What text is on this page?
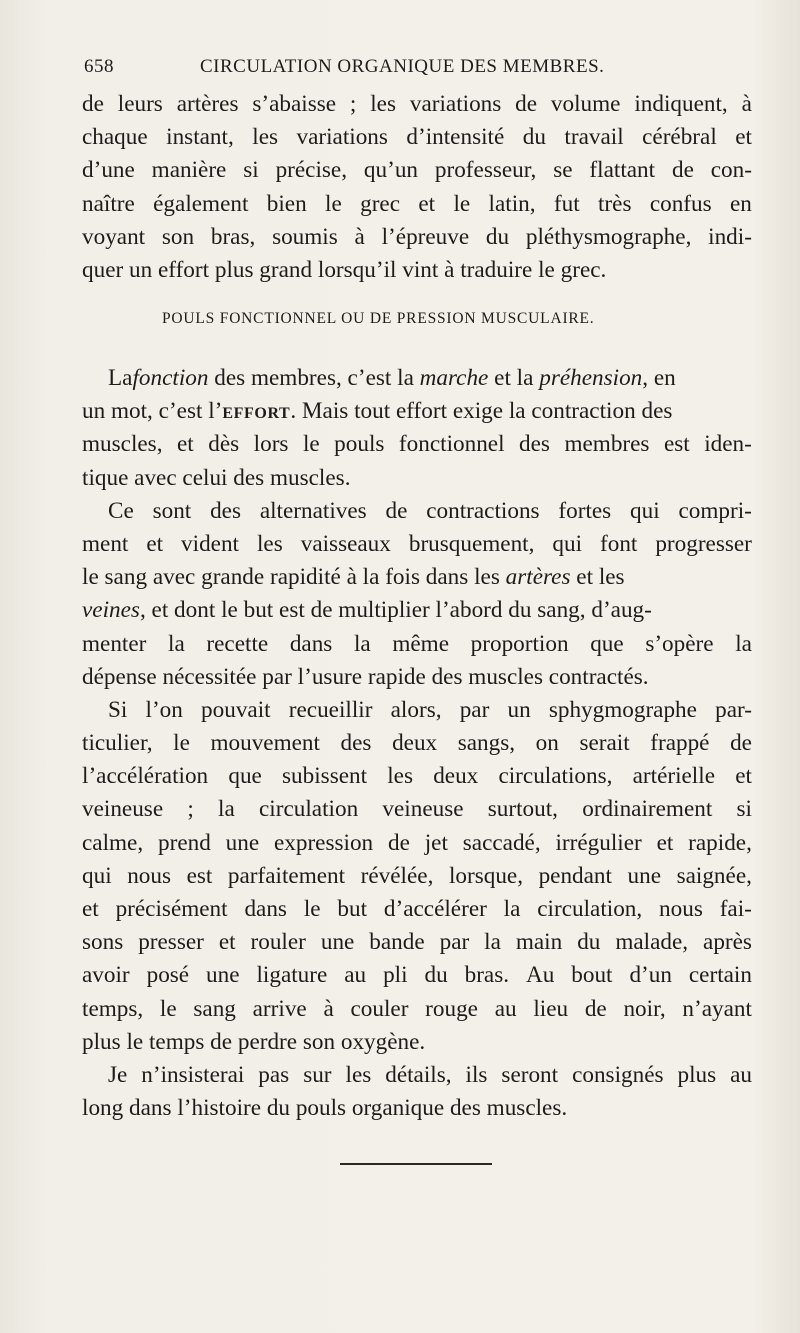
658	CIRCULATION ORGANIQUE DES MEMBRES.
de leurs artères s’abaisse ; les variations de volume indiquent, à
chaque instant, les variations d’intensité du travail cérébral et
d’une manière si précise, qu’un professeur, se flattant de con-
naître également bien le grec et le latin, fut très confus en
voyant son bras, soumis à l’épreuve du pléthysmographe, indi-
quer un effort plus grand lorsqu’il vint à traduire le grec.
POULS FONCTIONNEL OU DE PRESSION MUSCULAIRE.
Lafonction des membres, c’est la marche et la préhension, en
un mot, c’est l’effort. Mais tout effort exige la contraction des
muscles, et dès lors le pouls fonctionnel des membres est iden-
tique avec celui des muscles.
Ce sont des alternatives de contractions fortes qui compri-
ment et vident les vaisseaux brusquement, qui font progresser
le sang avec grande rapidité à la fois dans les artères et les
veines, et dont le but est de multiplier l’abord du sang, d’aug-
menter la recette dans la même proportion que s’opère la
dépense nécessitée par l’usure rapide des muscles contractés.
Si l’on pouvait recueillir alors, par un sphygmographe par-
ticulier, le mouvement des deux sangs, on serait frappé de
l’accélération que subissent les deux circulations, artérielle et
veineuse ; la circulation veineuse surtout, ordinairement si
calme, prend une expression de jet saccadé, irrégulier et rapide,
qui nous est parfaitement révélée, lorsque, pendant une saignée,
et précisément dans le but d’accélérer la circulation, nous fai-
sons presser et rouler une bande par la main du malade, après
avoir posé une ligature au pli du bras. Au bout d’un certain
temps, le sang arrive à couler rouge au lieu de noir, n’ayant
plus le temps de perdre son oxygène.
Je n’insisterai pas sur les détails, ils seront consignés plus au
long dans l’histoire du pouls organique des muscles.
